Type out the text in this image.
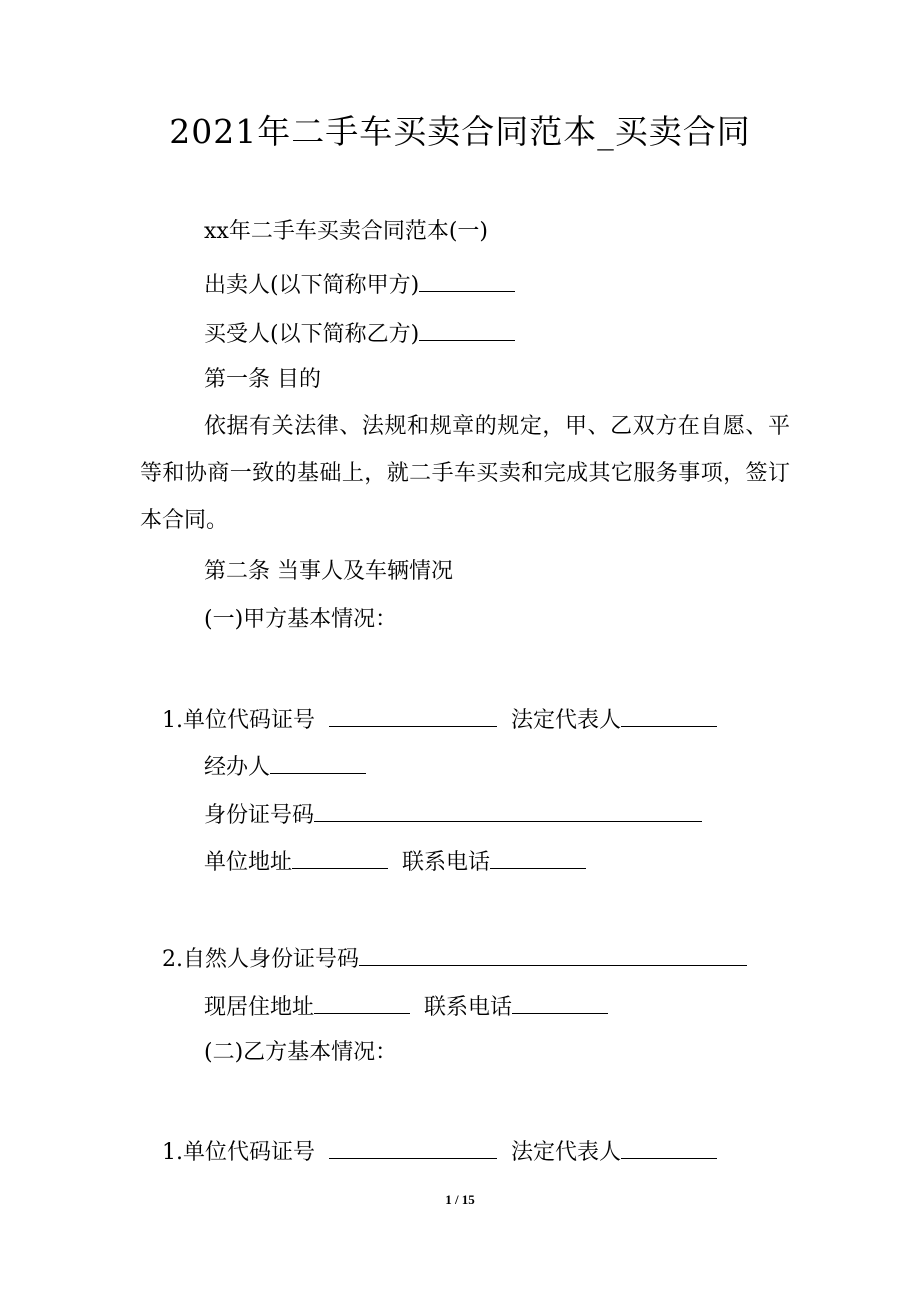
2021年二手车买卖合同范本_买卖合同
xx年二手车买卖合同范本(一)
出卖人(以下简称甲方)
买受人(以下简称乙方)
第一条 目的
依据有关法律、法规和规章的规定，甲、乙双方在自愿、平等和协商一致的基础上，就二手车买卖和完成其它服务事项，签订本合同。
第二条 当事人及车辆情况
(一)甲方基本情况：
1.单位代码证号	法定代表人
经办人
身份证号码
单位地址	联系电话
2.自然人身份证号码
现居住地址	联系电话
(二)乙方基本情况：
1.单位代码证号	法定代表人
1 / 15
